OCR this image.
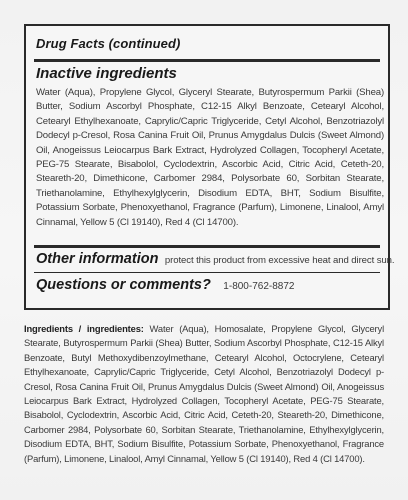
Drug Facts (continued)
Inactive ingredients
Water (Aqua), Propylene Glycol, Glyceryl Stearate, Butyrospermum Parkii (Shea) Butter, Sodium Ascorbyl Phosphate, C12-15 Alkyl Benzoate, Cetearyl Alcohol, Cetearyl Ethylhexanoate, Caprylic/Capric Triglyceride, Cetyl Alcohol, Benzotriazolyl Dodecyl p-Cresol, Rosa Canina Fruit Oil, Prunus Amygdalus Dulcis (Sweet Almond) Oil, Anogeissus Leiocarpus Bark Extract, Hydrolyzed Collagen, Tocopheryl Acetate, PEG-75 Stearate, Bisabolol, Cyclodextrin, Ascorbic Acid, Citric Acid, Ceteth-20, Steareth-20, Dimethicone, Carbomer 2984, Polysorbate 60, Sorbitan Stearate, Triethanolamine, Ethylhexylglycerin, Disodium EDTA, BHT, Sodium Bisulfite, Potassium Sorbate, Phenoxyethanol, Fragrance (Parfum), Limonene, Linalool, Amyl Cinnamal, Yellow 5 (Cl 19140), Red 4 (Cl 14700).
Other information protect this product from excessive heat and direct sun.
Questions or comments? 1-800-762-8872
Ingredients / ingredientes: Water (Aqua), Homosalate, Propylene Glycol, Glyceryl Stearate, Butyrospermum Parkii (Shea) Butter, Sodium Ascorbyl Phosphate, C12-15 Alkyl Benzoate, Butyl Methoxydibenzoylmethane, Cetearyl Alcohol, Octocrylene, Cetearyl Ethylhexanoate, Caprylic/Capric Triglyceride, Cetyl Alcohol, Benzotriazolyl Dodecyl p-Cresol, Rosa Canina Fruit Oil, Prunus Amygdalus Dulcis (Sweet Almond) Oil, Anogeissus Leiocarpus Bark Extract, Hydrolyzed Collagen, Tocopheryl Acetate, PEG-75 Stearate, Bisabolol, Cyclodextrin, Ascorbic Acid, Citric Acid, Ceteth-20, Steareth-20, Dimethicone, Carbomer 2984, Polysorbate 60, Sorbitan Stearate, Triethanolamine, Ethylhexylglycerin, Disodium EDTA, BHT, Sodium Bisulfite, Potassium Sorbate, Phenoxyethanol, Fragrance (Parfum), Limonene, Linalool, Amyl Cinnamal, Yellow 5 (Cl 19140), Red 4 (Cl 14700).
